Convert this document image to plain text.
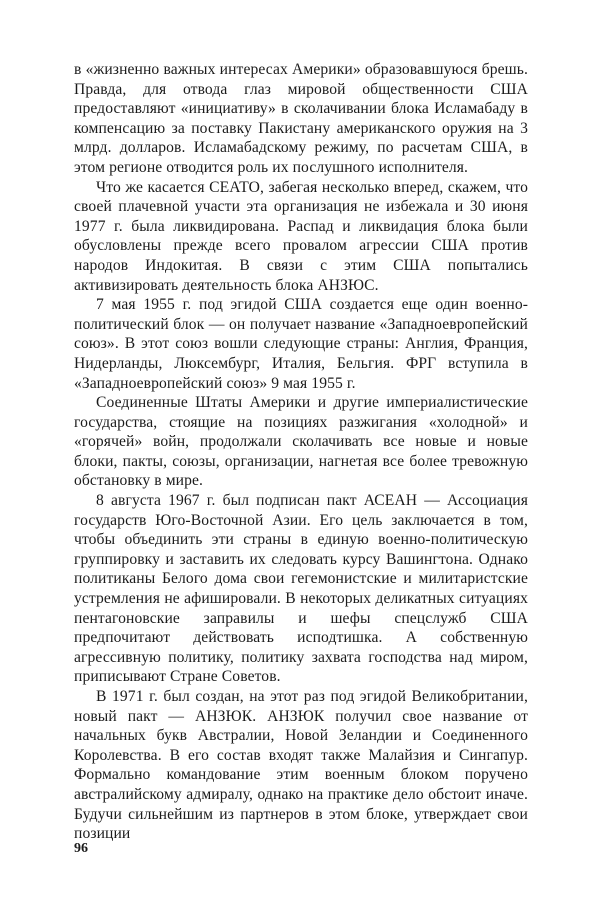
в «жизненно важных интересах Америки» образовавшуюся брешь. Правда, для отвода глаз мировой общественности США предоставляют «инициативу» в сколачивании блока Исламабаду в компенсацию за поставку Пакистану американского оружия на 3 млрд. долларов. Исламабадскому режиму, по расчетам США, в этом регионе отводится роль их послушного исполнителя.

Что же касается СЕАТО, забегая несколько вперед, скажем, что своей плачевной участи эта организация не избежала и 30 июня 1977 г. была ликвидирована. Распад и ликвидация блока были обусловлены прежде всего провалом агрессии США против народов Индокитая. В связи с этим США попытались активизировать деятельность блока АНЗЮС.

7 мая 1955 г. под эгидой США создается еще один военно-политический блок — он получает название «Западноевропейский союз». В этот союз вошли следующие страны: Англия, Франция, Нидерланды, Люксембург, Италия, Бельгия. ФРГ вступила в «Западноевропейский союз» 9 мая 1955 г.

Соединенные Штаты Америки и другие империалистические государства, стоящие на позициях разжигания «холодной» и «горячей» войн, продолжали сколачивать все новые и новые блоки, пакты, союзы, организации, нагнетая все более тревожную обстановку в мире.

8 августа 1967 г. был подписан пакт АСЕАН — Ассоциация государств Юго-Восточной Азии. Его цель заключается в том, чтобы объединить эти страны в единую военно-политическую группировку и заставить их следовать курсу Вашингтона. Однако политиканы Белого дома свои гегемонистские и милитаристские устремления не афишировали. В некоторых деликатных ситуациях пентагоновские заправилы и шефы спецслужб США предпочитают действовать исподтишка. А собственную агрессивную политику, политику захвата господства над миром, приписывают Стране Советов.

В 1971 г. был создан, на этот раз под эгидой Великобритании, новый пакт — АНЗЮК. АНЗЮК получил свое название от начальных букв Австралии, Новой Зеландии и Соединенного Королевства. В его состав входят также Малайзия и Сингапур. Формально командование этим военным блоком поручено австралийскому адмиралу, однако на практике дело обстоит иначе. Будучи сильнейшим из партнеров в этом блоке, утверждает свои позиции

96
